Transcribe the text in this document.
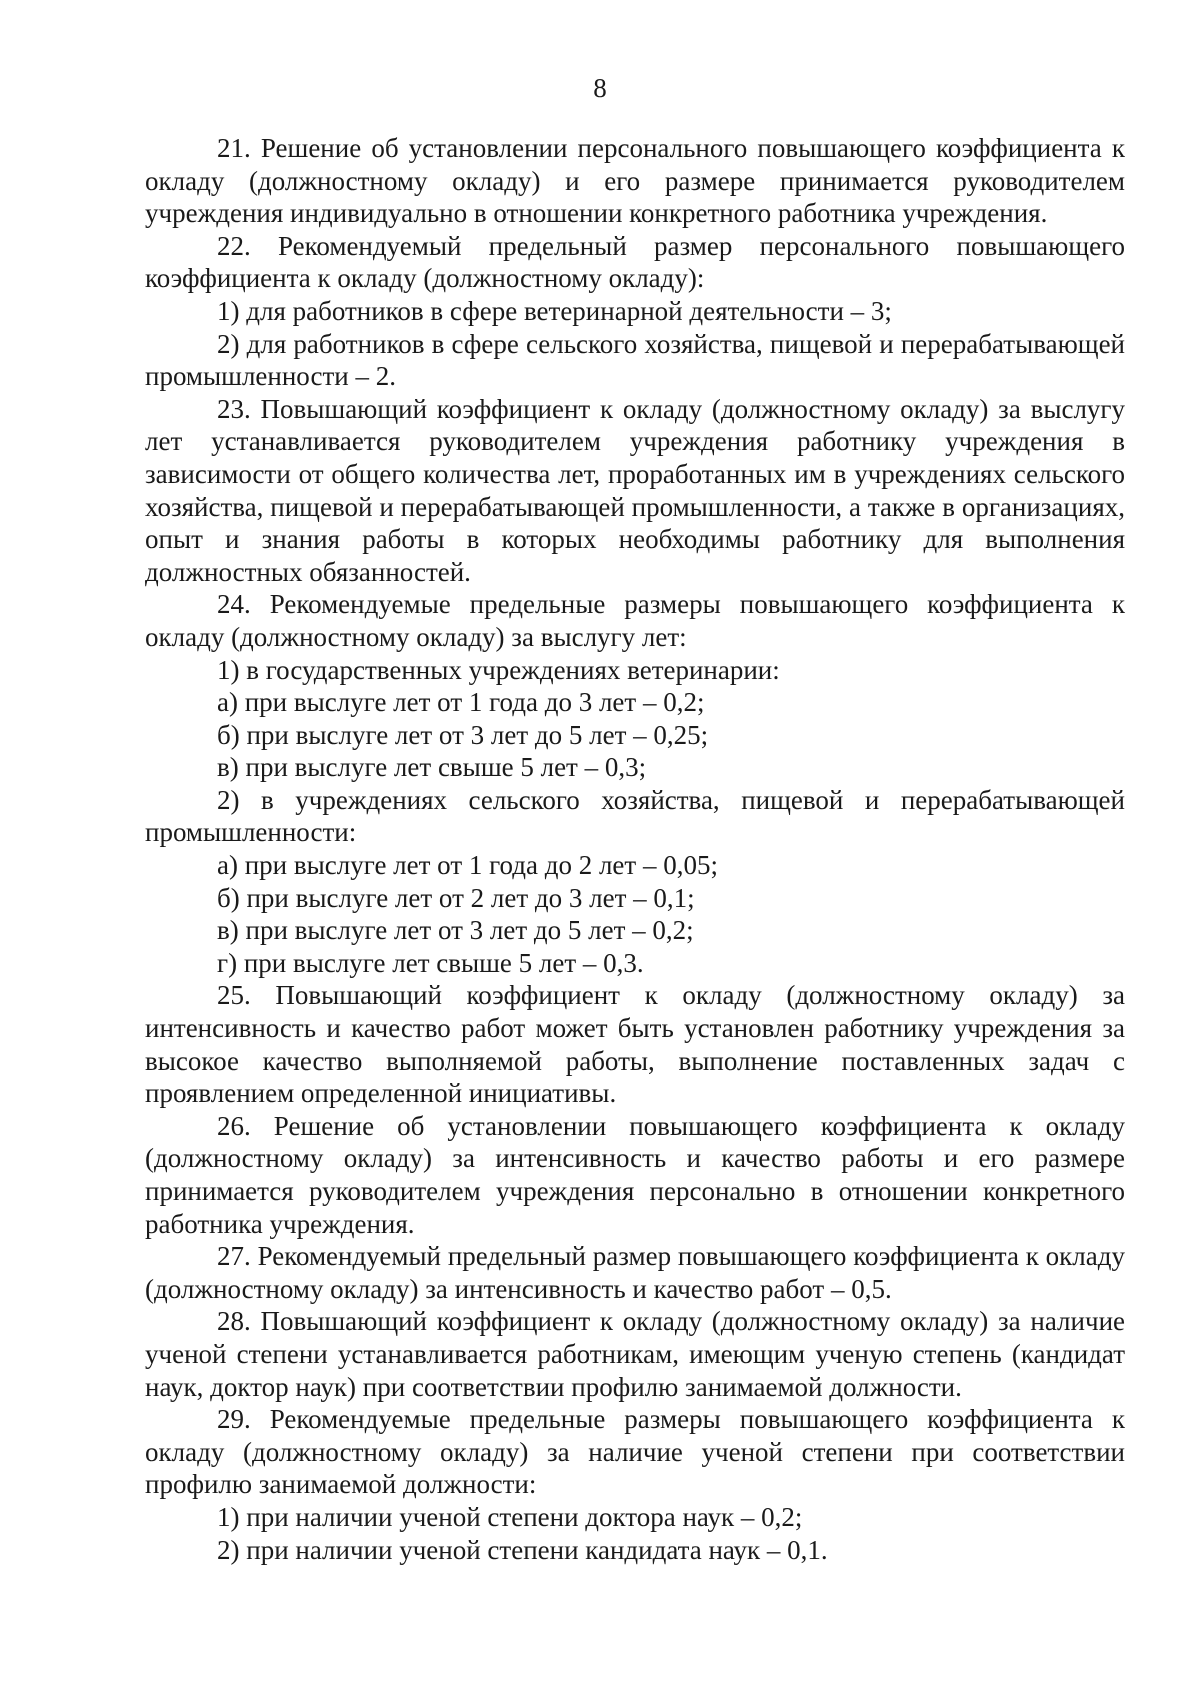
8

21. Решение об установлении персонального повышающего коэффициента к окладу (должностному окладу) и его размере принимается руководителем учреждения индивидуально в отношении конкретного работника учреждения.

22. Рекомендуемый предельный размер персонального повышающего коэффициента к окладу (должностному окладу):

1) для работников в сфере ветеринарной деятельности – 3;

2) для работников в сфере сельского хозяйства, пищевой и перерабатывающей промышленности – 2.

23. Повышающий коэффициент к окладу (должностному окладу) за выслугу лет устанавливается руководителем учреждения работнику учреждения в зависимости от общего количества лет, проработанных им в учреждениях сельского хозяйства, пищевой и перерабатывающей промышленности, а также в организациях, опыт и знания работы в которых необходимы работнику для выполнения должностных обязанностей.

24. Рекомендуемые предельные размеры повышающего коэффициента к окладу (должностному окладу) за выслугу лет:

1) в государственных учреждениях ветеринарии:

а) при выслуге лет от 1 года до 3 лет – 0,2;

б) при выслуге лет от 3 лет до 5 лет – 0,25;

в) при выслуге лет свыше 5 лет – 0,3;

2) в учреждениях сельского хозяйства, пищевой и перерабатывающей промышленности:

а) при выслуге лет от 1 года до 2 лет – 0,05;

б) при выслуге лет от 2 лет до 3 лет – 0,1;

в) при выслуге лет от 3 лет до 5 лет – 0,2;

г) при выслуге лет свыше 5 лет – 0,3.

25. Повышающий коэффициент к окладу (должностному окладу) за интенсивность и качество работ может быть установлен работнику учреждения за высокое качество выполняемой работы, выполнение поставленных задач с проявлением определенной инициативы.

26. Решение об установлении повышающего коэффициента к окладу (должностному окладу) за интенсивность и качество работы и его размере принимается руководителем учреждения персонально в отношении конкретного работника учреждения.

27. Рекомендуемый предельный размер повышающего коэффициента к окладу (должностному окладу) за интенсивность и качество работ – 0,5.

28. Повышающий коэффициент к окладу (должностному окладу) за наличие ученой степени устанавливается работникам, имеющим ученую степень (кандидат наук, доктор наук) при соответствии профилю занимаемой должности.

29. Рекомендуемые предельные размеры повышающего коэффициента к окладу (должностному окладу) за наличие ученой степени при соответствии профилю занимаемой должности:

1) при наличии ученой степени доктора наук – 0,2;

2) при наличии ученой степени кандидата наук – 0,1.
